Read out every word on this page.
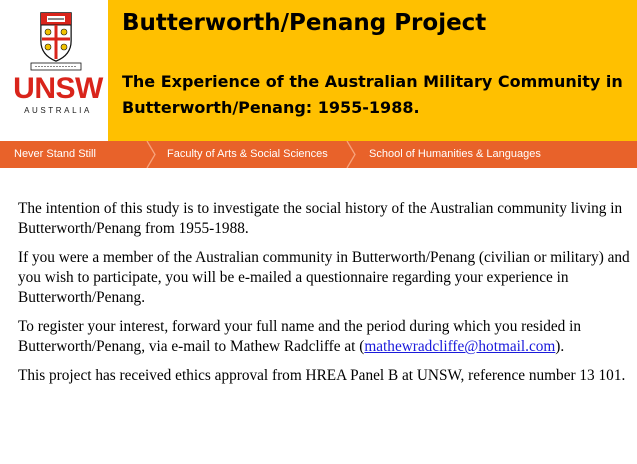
UNSW
AUSTRALIA
Butterworth/Penang Project
The Experience of the Australian Military Community in Butterworth/Penang: 1955-1988.
Never Stand Still	Faculty of Arts & Social Sciences	School of Humanities & Languages

The intention of this study is to investigate the social history of the Australian community living in Butterworth/Penang from 1955-1988.

If you were a member of the Australian community in Butterworth/Penang (civilian or military) and you wish to participate, you will be e-mailed a questionnaire regarding your experience in Butterworth/Penang.

To register your interest, forward your full name and the period during which you resided in Butterworth/Penang, via e-mail to Mathew Radcliffe at (mathewradcliffe@hotmail.com).

This project has received ethics approval from HREA Panel B at UNSW, reference number 13 101.
